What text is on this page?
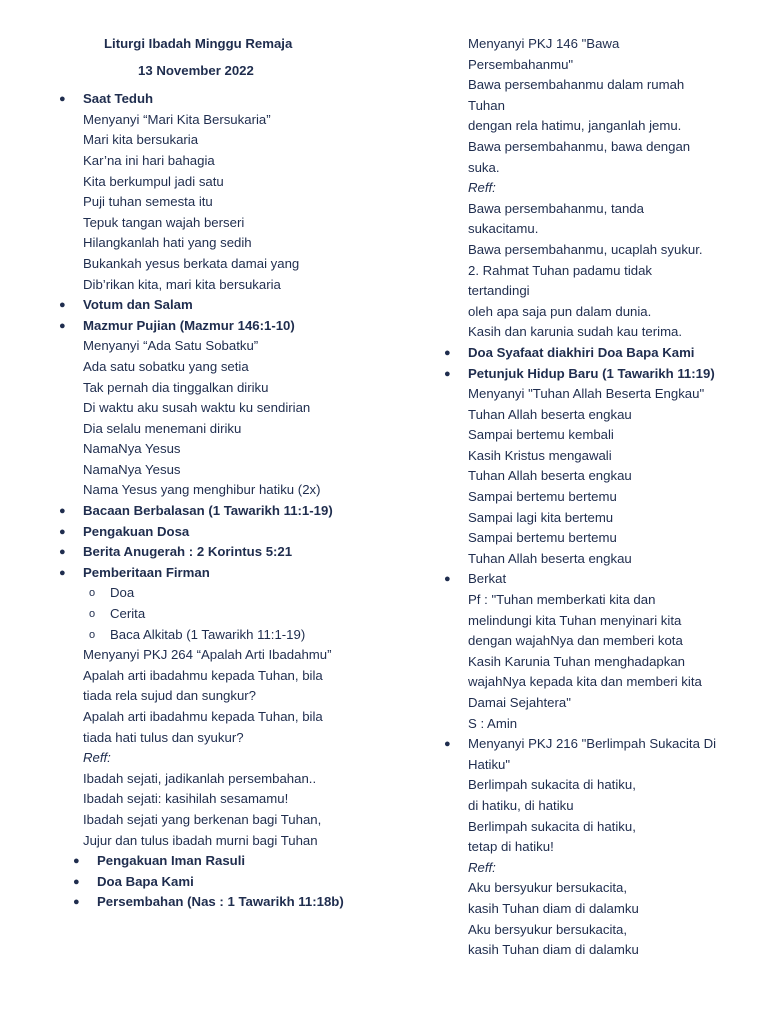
Liturgi Ibadah Minggu Remaja
13 November 2022
● Saat Teduh
Menyanyi “Mari Kita Bersukaria”
Mari kita bersukaria
Kar’na ini hari bahagia
Kita berkumpul jadi satu
Puji tuhan semesta itu
Tepuk tangan wajah berseri
Hilangkanlah hati yang sedih
Bukankah yesus berkata damai yang
Dib’rikan kita, mari kita bersukaria
● Votum dan Salam
● Mazmur Pujian (Mazmur 146:1-10)
Menyanyi “Ada Satu Sobatku”
Ada satu sobatku yang setia
Tak pernah dia tinggalkan diriku
Di waktu aku susah waktu ku sendirian
Dia selalu menemani diriku
NamaNya Yesus
NamaNya Yesus
Nama Yesus yang menghibur hatiku (2x)
● Bacaan Berbalasan (1 Tawarikh 11:1-19)
● Pengakuan Dosa
● Berita Anugerah : 2 Korintus 5:21
● Pemberitaan Firman
o Doa
o Cerita
o Baca Alkitab (1 Tawarikh 11:1-19)
Menyanyi PKJ 264 “Apalah Arti Ibadahmu”
Apalah arti ibadahmu kepada Tuhan, bila
tiada rela sujud dan sungkur?
Apalah arti ibadahmu kepada Tuhan, bila
tiada hati tulus dan syukur?
Reff:
Ibadah sejati, jadikanlah persembahan..
Ibadah sejati: kasihilah sesamamu!
Ibadah sejati yang berkenan bagi Tuhan,
Jujur dan tulus ibadah murni bagi Tuhan
● Pengakuan Iman Rasuli
● Doa Bapa Kami
● Persembahan (Nas : 1 Tawarikh 11:18b)
Menyanyi PKJ 146 "Bawa
Persembahanmu"
Bawa persembahanmu dalam rumah
Tuhan
dengan rela hatimu, janganlah jemu.
Bawa persembahanmu, bawa dengan
suka.
Reff:
Bawa persembahanmu, tanda
sukacitamu.
Bawa persembahanmu, ucaplah syukur.
2. Rahmat Tuhan padamu tidak
tertandingi
oleh apa saja pun dalam dunia.
Kasih dan karunia sudah kau terima.
● Doa Syafaat diakhiri Doa Bapa Kami
● Petunjuk Hidup Baru (1 Tawarikh 11:19)
Menyanyi "Tuhan Allah Beserta Engkau"
Tuhan Allah beserta engkau
Sampai bertemu kembali
Kasih Kristus mengawali
Tuhan Allah beserta engkau
Sampai bertemu bertemu
Sampai lagi kita bertemu
Sampai bertemu bertemu
Tuhan Allah beserta engkau
● Berkat
Pf : "Tuhan memberkati kita dan
melindungi kita Tuhan menyinari kita
dengan wajahNya dan memberi kota
Kasih Karunia Tuhan menghadapkan
wajahNya kepada kita dan memberi kita
Damai Sejahtera"
S : Amin
● Menyanyi PKJ 216 "Berlimpah Sukacita Di
Hatiku"
Berlimpah sukacita di hatiku,
di hatiku, di hatiku
Berlimpah sukacita di hatiku,
tetap di hatiku!
Reff:
Aku bersyukur bersukacita,
kasih Tuhan diam di dalamku
Aku bersyukur bersukacita,
kasih Tuhan diam di dalamku
